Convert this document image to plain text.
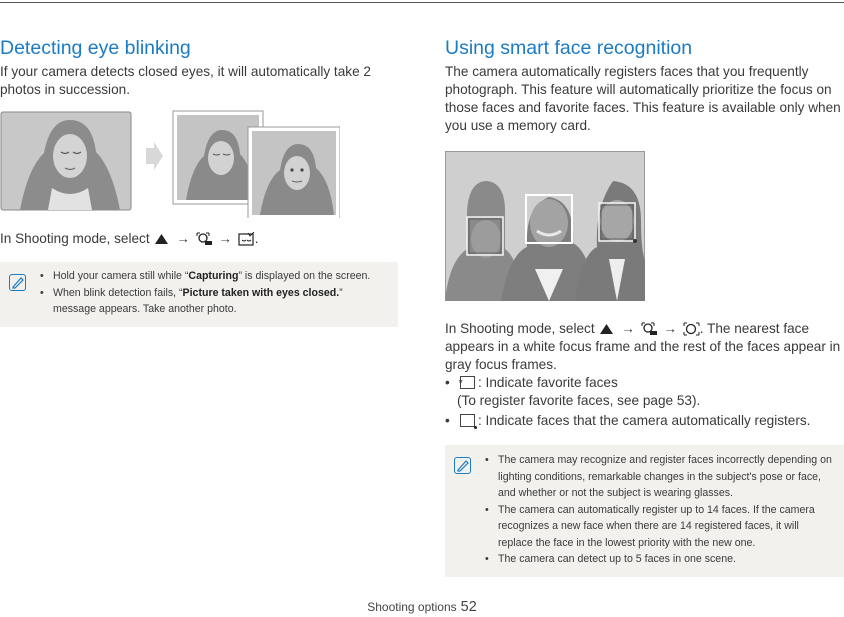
Detecting eye blinking

If your camera detects closed eyes, it will automatically take 2 photos in succession.

In Shooting mode, select → → .

• Hold your camera still while “Capturing” is displayed on the screen.
• When blink detection fails, “Picture taken with eyes closed.” message appears. Take another photo.
Using smart face recognition

The camera automatically registers faces that you frequently photograph. This feature will automatically prioritize the focus on those faces and favorite faces. This feature is available only when you use a memory card.

In Shooting mode, select → → . The nearest face appears in a white focus frame and the rest of the faces appear in gray focus frames.

• ★ : Indicate favorite faces
(To register favorite faces, see page 53).
• : Indicate faces that the camera automatically registers.
• The camera may recognize and register faces incorrectly depending on lighting conditions, remarkable changes in the subject's pose or face, and whether or not the subject is wearing glasses.
• The camera can automatically register up to 14 faces. If the camera recognizes a new face when there are 14 registered faces, it will replace the face in the lowest priority with the new one.
• The camera can detect up to 5 faces in one scene.
Shooting options 52
